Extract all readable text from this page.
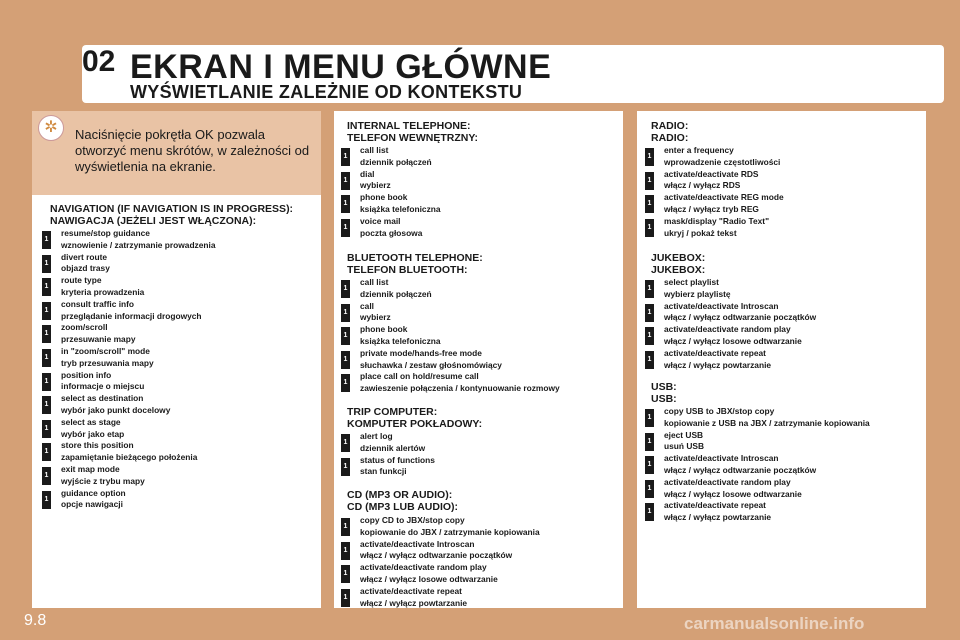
02 EKRAN I MENU GŁÓWNE
WYŚWIETLANIE ZALEŻNIE OD KONTEKSTU
✲	Naciśnięcie pokrętła OK pozwala otworzyć menu skrótów, w zależności od wyświetlenia na ekranie.
NAVIGATION (IF NAVIGATION IS IN PROGRESS):
NAWIGACJA (JEŻELI JEST WŁĄCZONA):
resume/stop guidance
wznowienie / zatrzymanie prowadzenia
divert route
objazd trasy
route type
kryteria prowadzenia
consult traffic info
przeglądanie informacji drogowych
zoom/scroll
przesuwanie mapy
in "zoom/scroll" mode
tryb przesuwania mapy
position info
informacje o miejscu
select as destination
wybór jako punkt docelowy
select as stage
wybór jako etap
store this position
zapamiętanie bieżącego położenia
exit map mode
wyjście z trybu mapy
guidance option
opcje nawigacji
INTERNAL TELEPHONE:
TELEFON WEWNĘTRZNY:
call list
dziennik połączeń
dial
wybierz
phone book
książka telefoniczna
voice mail
poczta głosowa
BLUETOOTH TELEPHONE:
TELEFON BLUETOOTH:
call list
dziennik połączeń
call
wybierz
phone book
książka telefoniczna
private mode/hands-free mode
słuchawka / zestaw głośnomówiący
place call on hold/resume call
zawieszenie połączenia / kontynuowanie rozmowy
TRIP COMPUTER:
KOMPUTER POKŁADOWY:
alert log
dziennik alertów
status of functions
stan funkcji
CD (MP3 OR AUDIO):
CD (MP3 LUB AUDIO):
copy CD to JBX/stop copy
kopiowanie do JBX / zatrzymanie kopiowania
activate/deactivate Introscan
włącz / wyłącz odtwarzanie początków
activate/deactivate random play
włącz / wyłącz losowe odtwarzanie
activate/deactivate repeat
włącz / wyłącz powtarzanie
RADIO:
RADIO:
enter a frequency
wprowadzenie częstotliwości
activate/deactivate RDS
włącz / wyłącz RDS
activate/deactivate REG mode
włącz / wyłącz tryb REG
mask/display "Radio Text"
ukryj / pokaż tekst
JUKEBOX:
JUKEBOX:
select playlist
wybierz playlistę
activate/deactivate Introscan
włącz / wyłącz odtwarzanie początków
activate/deactivate random play
włącz / wyłącz losowe odtwarzanie
activate/deactivate repeat
włącz / wyłącz powtarzanie
USB:
USB:
copy USB to JBX/stop copy
kopiowanie z USB na JBX / zatrzymanie kopiowania
eject USB
usuń USB
activate/deactivate Introscan
włącz / wyłącz odtwarzanie początków
activate/deactivate random play
włącz / wyłącz losowe odtwarzanie
activate/deactivate repeat
włącz / wyłącz powtarzanie
9.8	carmanualsonline.info
1
1
1
1
1
1
1
1
1
1
1
1
1
1
1
1
1
1
1
1
1
1
1
1
1
1
1
1
1
1
1
1
1
1
1
1
1
1
1
1
